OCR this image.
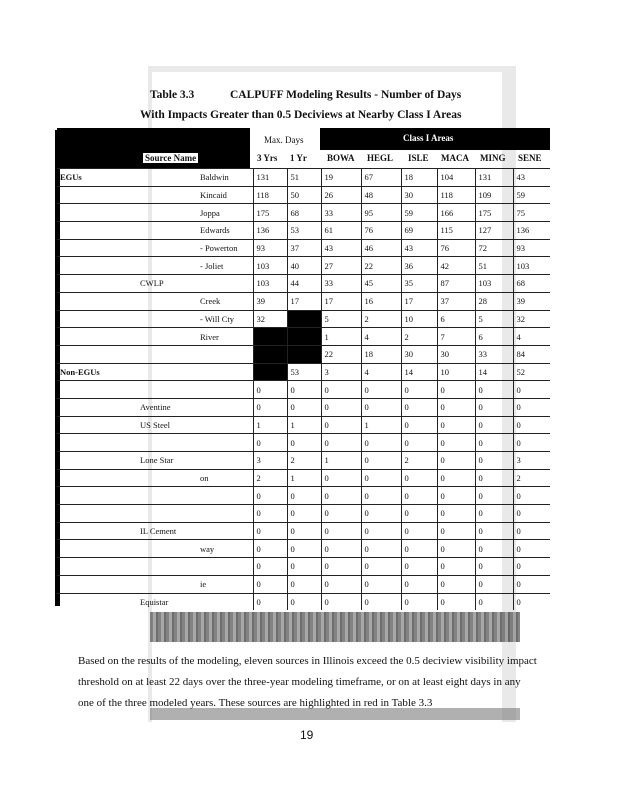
Table 3.3	CALPUFF Modeling Results - Number of Days
With Impacts Greater than 0.5 Deciviews at Nearby Class I Areas
Max. Days	Class I Areas
Source Name	3 Yrs 1 Yr BOWA HEGL ISLE MACA MING SENE
EGUs		Baldwin	131	51	19	67	18	104	131	43
		Kincaid	118	50	26	48	30	118	109	59
		Joppa	175	68	33	95	59	166	175	75
		Edwards	136	53	61	76	69	115	127	136
		- Powerton	93	37	43	46	43	76	72	93
		- Joliet	103	40	27	22	36	42	51	103
	CWLP		103	44	33	45	35	87	103	68
		Creek	39	17	17	16	17	37	28	39
		- Will Cty	32		5	2	10	6	5	32
		River			1	4	2	7	6	4
					22	18	30	30	33	84
Non-EGUs				53	3	4	14	10	14	52
			0	0	0	0	0	0	0	0
	Aventine		0	0	0	0	0	0	0	0
	US Steel		1	1	0	1	0	0	0	0
			0	0	0	0	0	0	0	0
	Lone Star		3	2	1	0	2	0	0	3
		on	2	1	0	0	0	0	0	2
			0	0	0	0	0	0	0	0
			0	0	0	0	0	0	0	0
	IL Cement		0	0	0	0	0	0	0	0
		way	0	0	0	0	0	0	0	0
			0	0	0	0	0	0	0	0
		ie	0	0	0	0	0	0	0	0
	Equistar		0	0	0	0	0	0	0	0
Based on the results of the modeling, eleven sources in Illinois exceed the 0.5 deciview visibility impact threshold on at least 22 days over the three-year modeling timeframe, or on at least eight days in any one of the three modeled years. These sources are highlighted in red in Table 3.3
19
